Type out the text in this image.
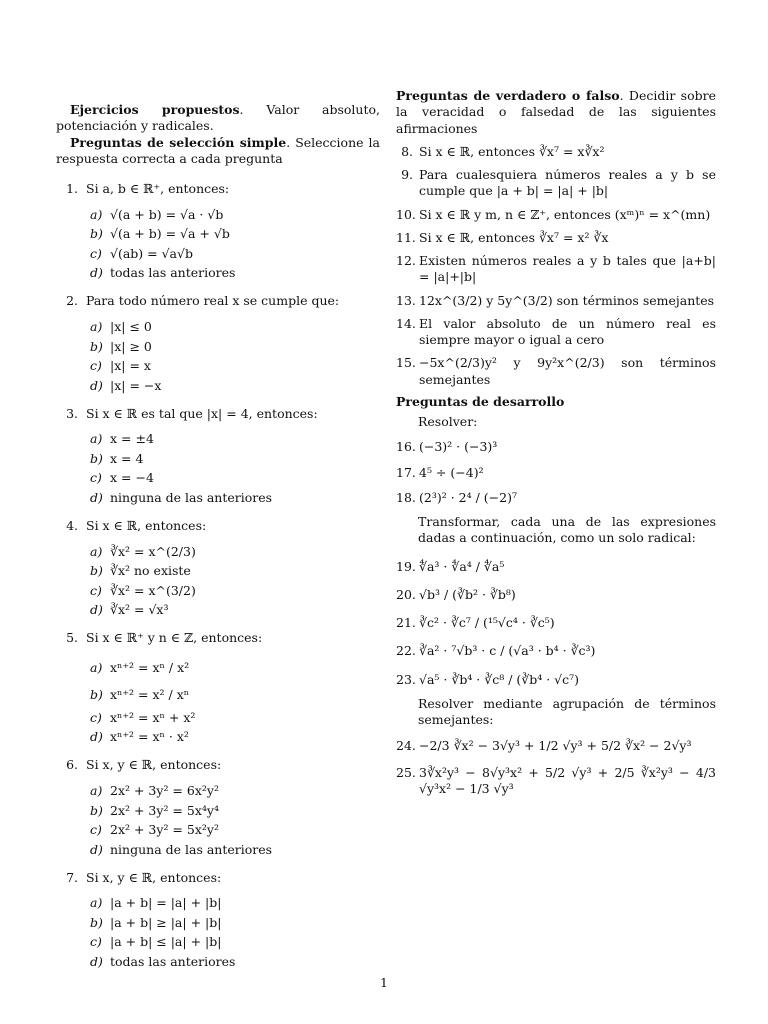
Ejercicios propuestos. Valor absoluto, potenciación y radicales.

Preguntas de selección simple. Seleccione la respuesta correcta a cada pregunta

1. Si a, b ∈ ℝ⁺, entonces:
a) √(a + b) = √a · √b
b) √(a + b) = √a + √b
c) √(ab) = √a√b
d) todas las anteriores
2. Para todo número real x se cumple que:
a) |x| ≤ 0
b) |x| ≥ 0
c) |x| = x
d) |x| = −x
3. Si x ∈ ℝ es tal que |x| = 4, entonces:
a) x = ±4
b) x = 4
c) x = −4
d) ninguna de las anteriores
4. Si x ∈ ℝ, entonces:
a) ∛x² = x^(2/3)
b) ∛x² no existe
c) ∛x² = x^(3/2)
d) ∛x² = √x³
5. Si x ∈ ℝ⁺ y n ∈ ℤ, entonces:
a) xⁿ⁺² = xⁿ / x²
b) xⁿ⁺² = x² / xⁿ
c) xⁿ⁺² = xⁿ + x²
d) xⁿ⁺² = xⁿ · x²
6. Si x, y ∈ ℝ, entonces:
a) 2x² + 3y² = 6x²y²
b) 2x² + 3y² = 5x⁴y⁴
c) 2x² + 3y² = 5x²y²
d) ninguna de las anteriores
7. Si x, y ∈ ℝ, entonces:
a) |a + b| = |a| + |b|
b) |a + b| ≥ |a| + |b|
c) |a + b| ≤ |a| + |b|
d) todas las anteriores

Preguntas de verdadero o falso. Decidir sobre la veracidad o falsedad de las siguientes afirmaciones

8. Si x ∈ ℝ, entonces ∛x⁷ = x∛x²
9. Para cualesquiera números reales a y b se cumple que |a + b| = |a| + |b|
10. Si x ∈ ℝ y m, n ∈ ℤ⁺, entonces (xᵐ)ⁿ = x^(mn)
11. Si x ∈ ℝ, entonces ∛x⁷ = x² ∛x
12. Existen números reales a y b tales que |a+b| = |a|+|b|
13. 12x^(3/2) y 5y^(3/2) son términos semejantes
14. El valor absoluto de un número real es siempre mayor o igual a cero
15. −5x^(2/3)y² y 9y²x^(2/3) son términos semejantes

Preguntas de desarrollo

Resolver:

16. (−3)² · (−3)³
17. 4⁵ ÷ (−4)²
18. (2³)² · 2⁴ / (−2)⁷

Transformar, cada una de las expresiones dadas a continuación, como un solo radical:

19. ∜a³ · ∜a⁴ / ∜a⁵
20. √b³ / (∛b² · ∛b⁸)
21. ∛c² · ∛c⁷ / (¹⁵√c⁴ · ∛c⁵)
22. ∛a² · ⁷√b³ · c / (√a³ · b⁴ · ∛c³)
23. √a⁵ · ∛b⁴ · ∛c⁸ / (∛b⁴ · √c⁷)

Resolver mediante agrupación de términos semejantes:

24. −2/3 ∛x² − 3√y³ + 1/2 √y³ + 5/2 ∛x² − 2√y³
25. 3∛x²y³ − 8√y³x² + 5/2 √y³ + 2/5 ∛x²y³ − 4/3 √y³x² − 1/3 √y³
1
